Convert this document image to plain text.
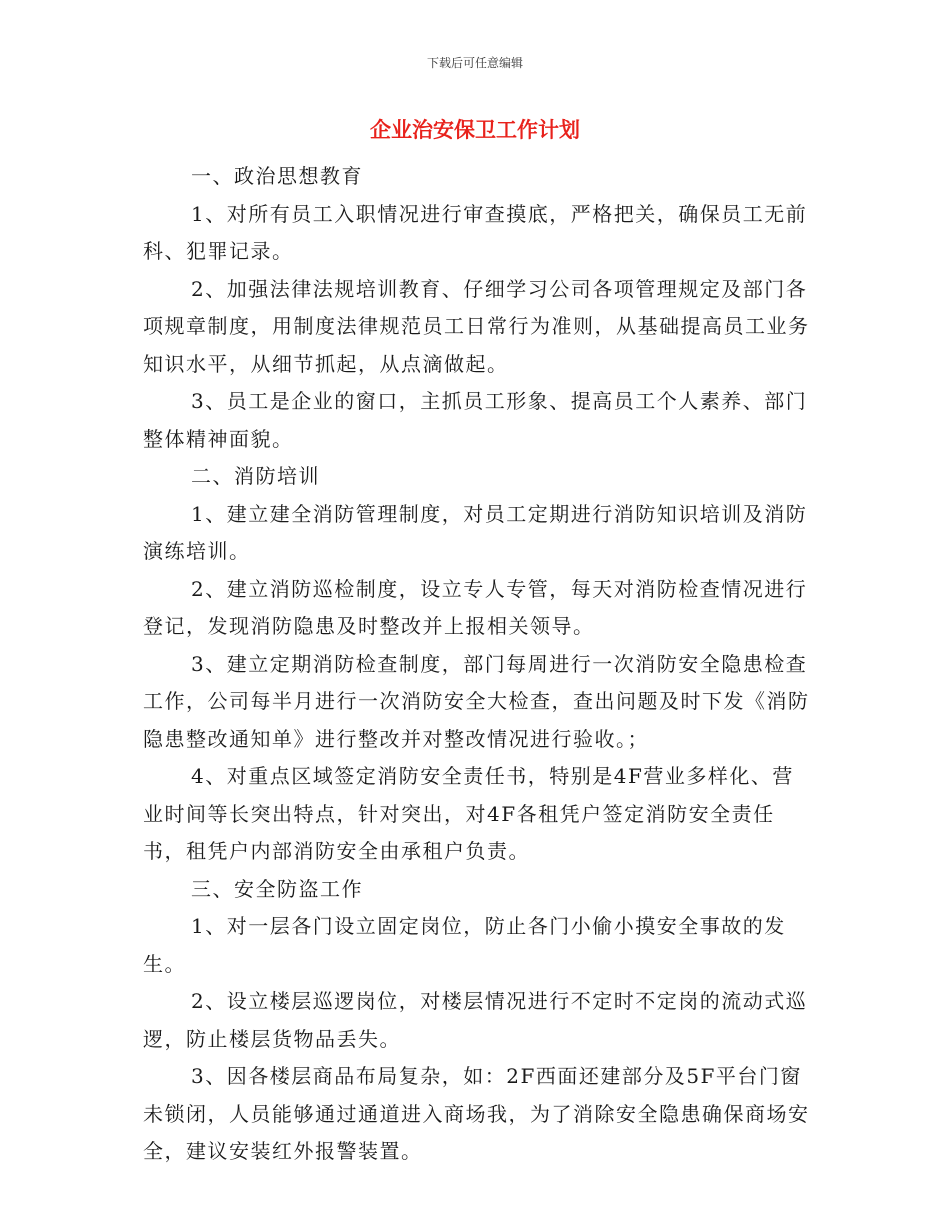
下载后可任意编辑
企业治安保卫工作计划

一、政治思想教育

1、对所有员工入职情况进行审查摸底，严格把关，确保员工无前科、犯罪记录。

2、加强法律法规培训教育、仔细学习公司各项管理规定及部门各项规章制度，用制度法律规范员工日常行为准则，从基础提高员工业务知识水平，从细节抓起，从点滴做起。

3、员工是企业的窗口，主抓员工形象、提高员工个人素养、部门整体精神面貌。

二、消防培训

1、建立建全消防管理制度，对员工定期进行消防知识培训及消防演练培训。

2、建立消防巡检制度，设立专人专管，每天对消防检查情况进行登记，发现消防隐患及时整改并上报相关领导。

3、建立定期消防检查制度，部门每周进行一次消防安全隐患检查工作，公司每半月进行一次消防安全大检查，查出问题及时下发《消防隐患整改通知单》进行整改并对整改情况进行验收。；

4、对重点区域签定消防安全责任书，特别是4F营业多样化、营业时间等长突出特点，针对突出，对4F各租凭户签定消防安全责任书，租凭户内部消防安全由承租户负责。

三、安全防盗工作

1、对一层各门设立固定岗位，防止各门小偷小摸安全事故的发生。

2、设立楼层巡逻岗位，对楼层情况进行不定时不定岗的流动式巡逻，防止楼层货物品丢失。

3、因各楼层商品布局复杂，如：2F西面还建部分及5F平台门窗未锁闭，人员能够通过通道进入商场我，为了消除安全隐患确保商场安全，建议安装红外报警装置。
